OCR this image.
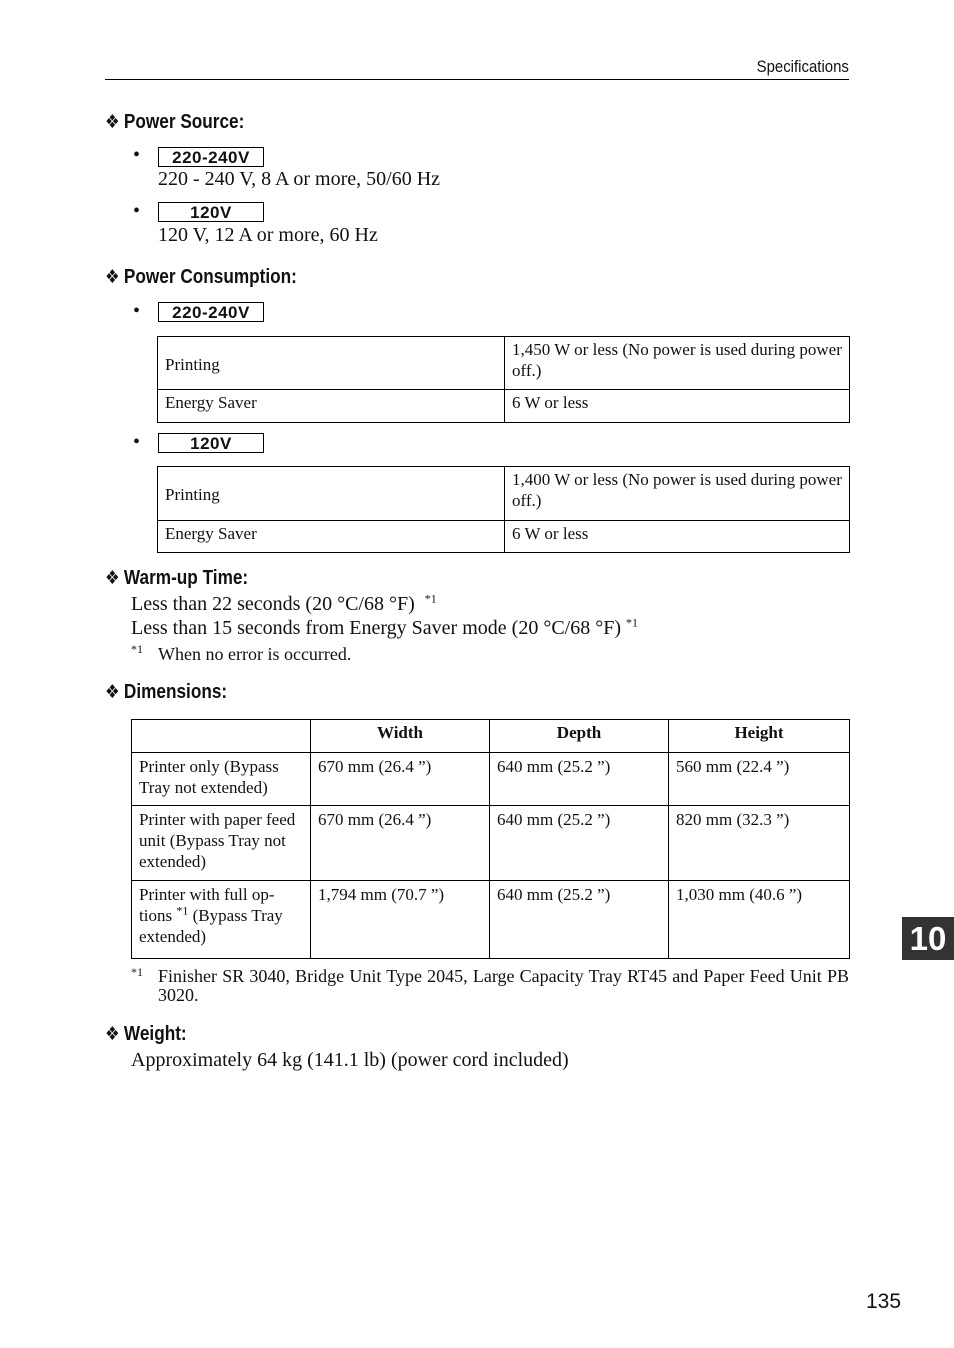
Specifications
❖ Power Source:
•	220-240V
220 - 240 V, 8 A or more, 50/60 Hz
•	120V
120 V, 12 A or more, 60 Hz
❖ Power Consumption:
•	220-240V
Printing	1,450 W or less (No power is used during power off.)
Energy Saver	6 W or less
•	120V
Printing	1,400 W or less (No power is used during power off.)
Energy Saver	6 W or less
❖ Warm-up Time:
Less than 22 seconds (20 °C/68 °F) $^{*1}$
Less than 15 seconds from Energy Saver mode (20 °C/68 °F) $^{*1}$
*1 When no error is occurred.
❖ Dimensions:
	Width	Depth	Height
Printer only (Bypass Tray not extended)	670 mm (26.4 ”)	640 mm (25.2 ”)	560 mm (22.4 ”)
Printer with paper feed unit (Bypass Tray not extended)	670 mm (26.4 ”)	640 mm (25.2 ”)	820 mm (32.3 ”)
Printer with full op-tions $^{*1}$ (Bypass Tray extended)	1,794 mm (70.7 ”)	640 mm (25.2 ”)	1,030 mm (40.6 ”)
*1 Finisher SR 3040, Bridge Unit Type 2045, Large Capacity Tray RT45 and Paper Feed Unit PB 3020.
❖ Weight:
Approximately 64 kg (141.1 lb) (power cord included)
10
135
